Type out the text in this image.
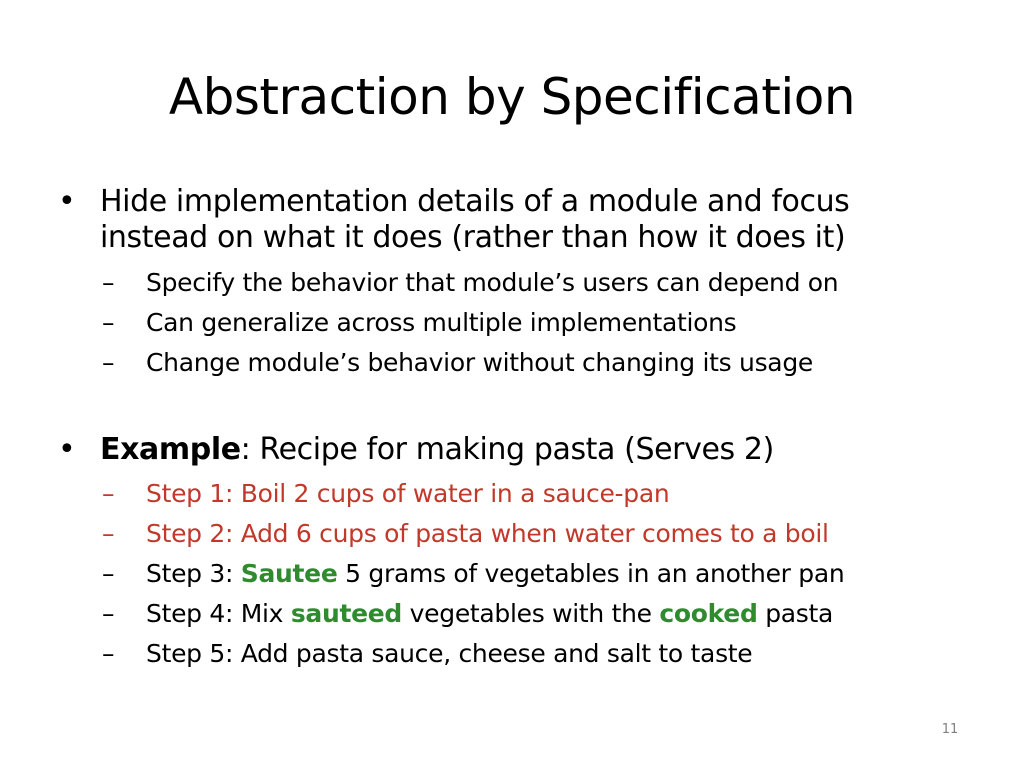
Abstraction by Specification
• Hide implementation details of a module and focus instead on what it does (rather than how it does it)
– Specify the behavior that module’s users can depend on
– Can generalize across multiple implementations
– Change module’s behavior without changing its usage
• Example: Recipe for making pasta (Serves 2)
– Step 1: Boil 2 cups of water in a sauce-pan
– Step 2: Add 6 cups of pasta when water comes to a boil
– Step 3: Sautee 5 grams of vegetables in an another pan
– Step 4: Mix sauteed vegetables with the cooked pasta
– Step 5: Add pasta sauce, cheese and salt to taste
11
